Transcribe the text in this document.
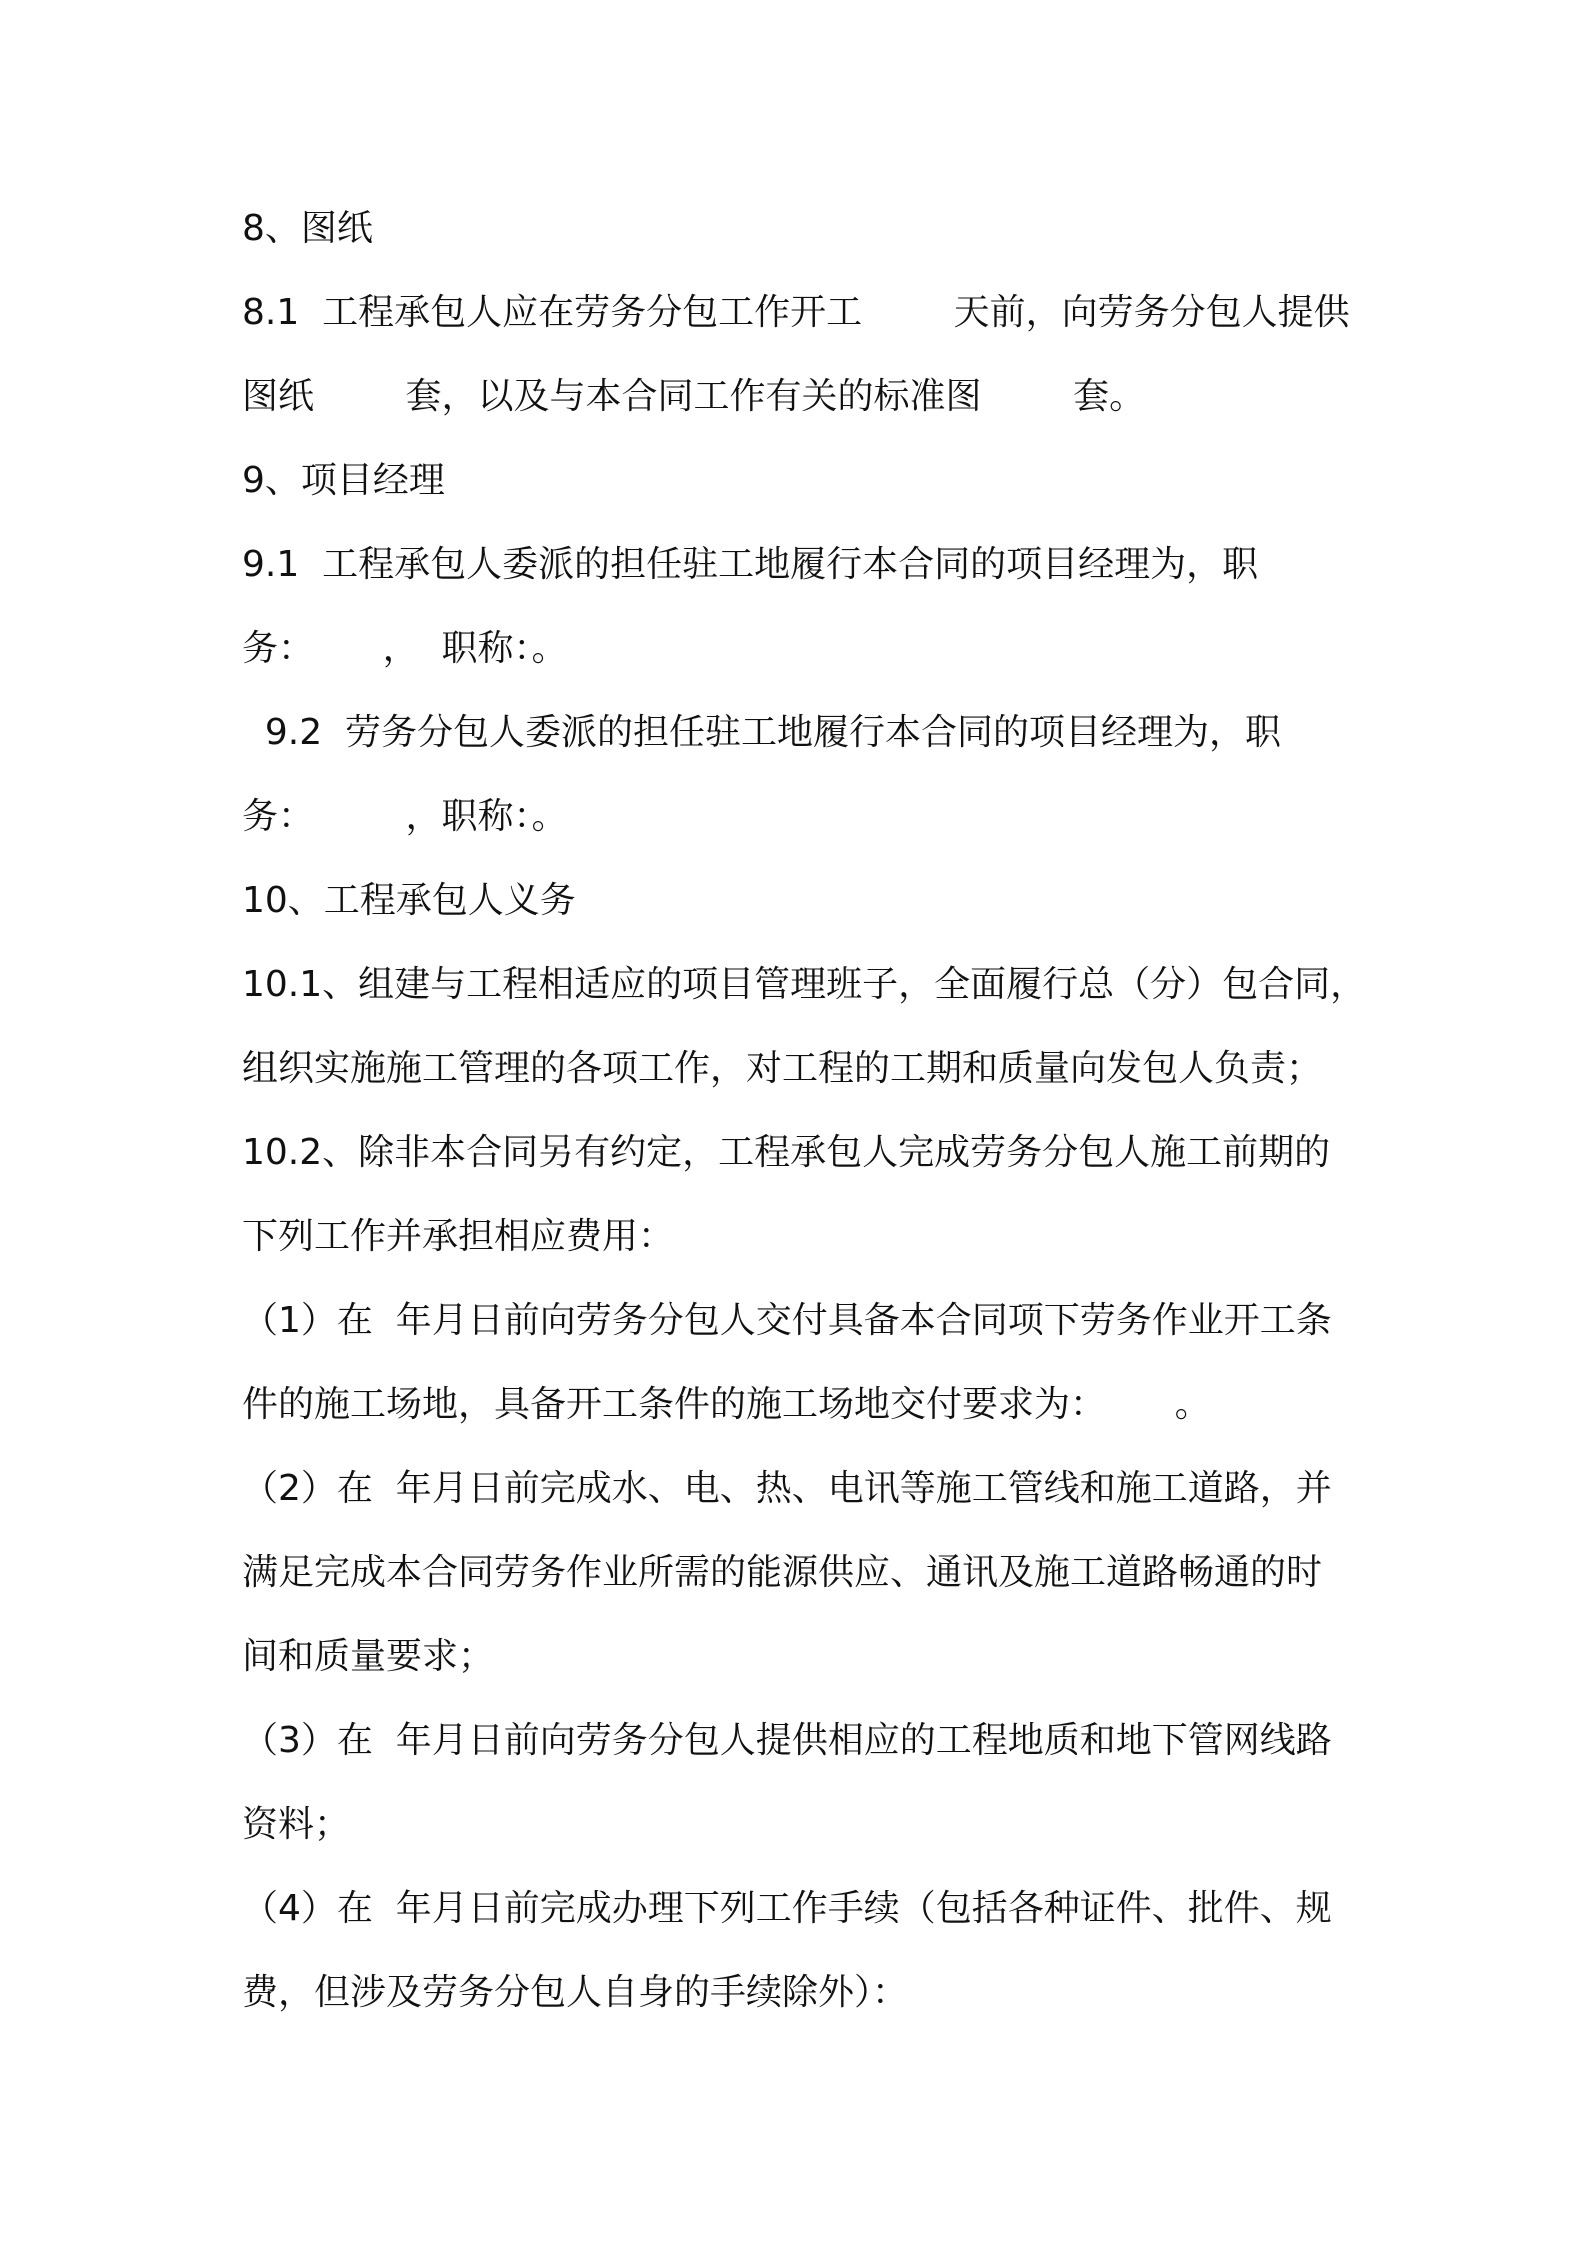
8、图纸
8.1  工程承包人应在劳务分包工作开工        天前，向劳务分包人提供
图纸        套，以及与本合同工作有关的标准图        套。
9、项目经理
9.1  工程承包人委派的担任驻工地履行本合同的项目经理为，职
务：      ，  职称：。
9.2  劳务分包人委派的担任驻工地履行本合同的项目经理为，职
务：        ，职称：。
10、工程承包人义务
10.1、组建与工程相适应的项目管理班子，全面履行总（分）包合同，
组织实施施工管理的各项工作，对工程的工期和质量向发包人负责；
10.2、除非本合同另有约定，工程承包人完成劳务分包人施工前期的
下列工作并承担相应费用：
（1）在  年月日前向劳务分包人交付具备本合同项下劳务作业开工条
件的施工场地，具备开工条件的施工场地交付要求为：      。
（2）在  年月日前完成水、电、热、电讯等施工管线和施工道路，并
满足完成本合同劳务作业所需的能源供应、通讯及施工道路畅通的时
间和质量要求；
（3）在  年月日前向劳务分包人提供相应的工程地质和地下管网线路
资料；
（4）在  年月日前完成办理下列工作手续（包括各种证件、批件、规
费，但涉及劳务分包人自身的手续除外）：
